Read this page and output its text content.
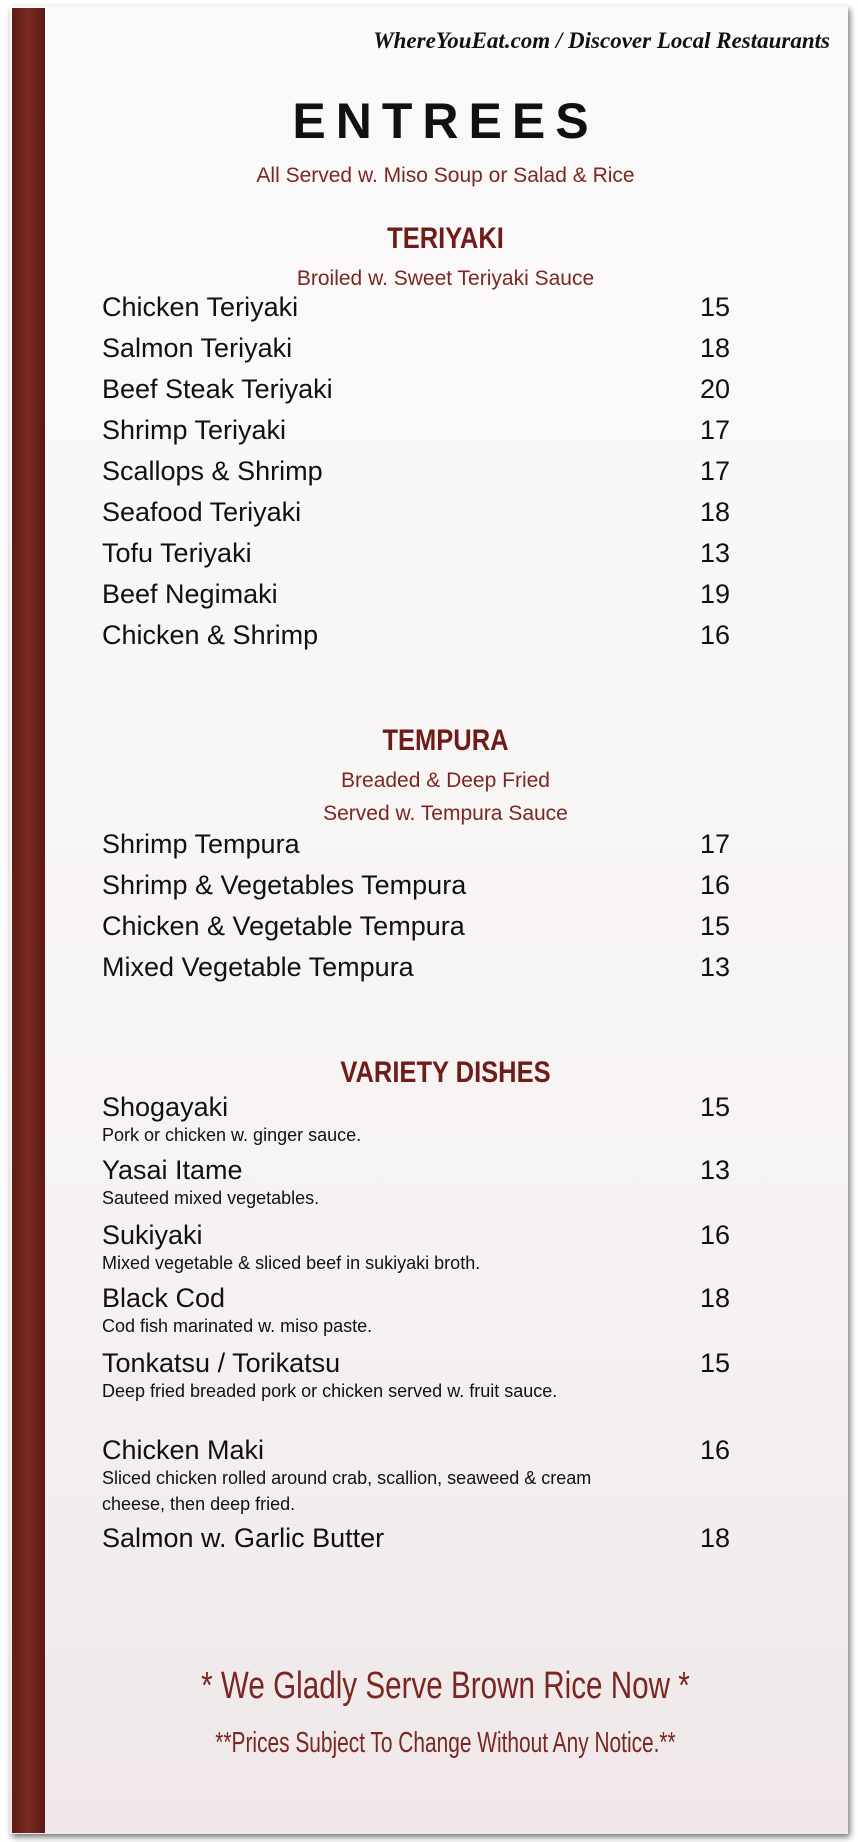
WhereYouEat.com / Discover Local Restaurants
ENTREES
All Served w. Miso Soup or Salad & Rice
TERIYAKI
Broiled w. Sweet Teriyaki Sauce
Chicken Teriyaki	15
Salmon Teriyaki	18
Beef Steak Teriyaki	20
Shrimp Teriyaki	17
Scallops & Shrimp	17
Seafood Teriyaki	18
Tofu Teriyaki	13
Beef Negimaki	19
Chicken & Shrimp	16
TEMPURA
Breaded & Deep Fried
Served w. Tempura Sauce
Shrimp Tempura	17
Shrimp & Vegetables Tempura	16
Chicken & Vegetable Tempura	15
Mixed Vegetable Tempura	13
VARIETY DISHES
Shogayaki	15
Pork or chicken w. ginger sauce.
Yasai Itame	13
Sauteed mixed vegetables.
Sukiyaki	16
Mixed vegetable & sliced beef in sukiyaki broth.
Black Cod	18
Cod fish marinated w. miso paste.
Tonkatsu / Torikatsu	15
Deep fried breaded pork or chicken served w. fruit sauce.
Chicken Maki	16
Sliced chicken rolled around crab, scallion, seaweed & cream cheese, then deep fried.
Salmon w. Garlic Butter	18
* We Gladly Serve Brown Rice Now *
**Prices Subject To Change Without Any Notice.**
